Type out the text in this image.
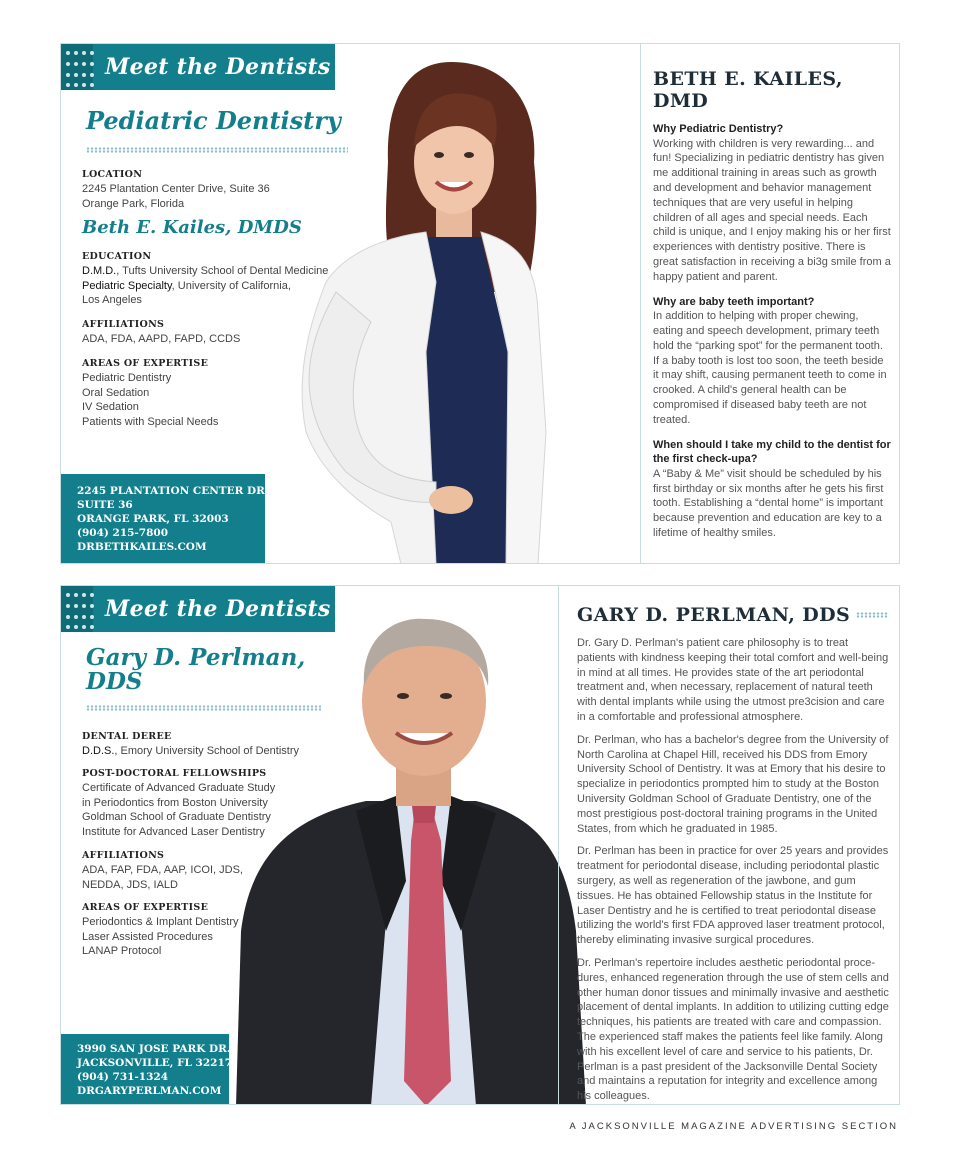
Meet the Dentists
Pediatric Dentistry
LOCATION
2245 Plantation Center Drive, Suite 36
Orange Park, Florida
Beth E. Kailes, DMDS
EDUCATION
D.M.D., Tufts University School of Dental Medicine
Pediatric Specialty, University of California,
Los Angeles
AFFILIATIONS
ADA, FDA, AAPD, FAPD, CCDS
AREAS OF EXPERTISE
Pediatric Dentistry
Oral Sedation
IV Sedation
Patients with Special Needs
2245 PLANTATION CENTER DR.
SUITE 36
ORANGE PARK, FL 32003
(904) 215-7800
DRBETHKAILES.COM
BETH E. KAILES, DMD
Why Pediatric Dentistry?

Working with children is very rewarding... and fun! Specializing in pediatric dentistry has given me additional training in areas such as growth and development and behavior management techniques that are very useful in helping children of all ages and special needs. Each child is unique, and I enjoy making his or her first experiences with dentistry positive. There is great satisfaction in receiving a bi3g smile from a happy patient and parent.

Why are baby teeth important?

In addition to helping with proper chewing, eating and speech development, primary teeth hold the “parking spot” for the permanent tooth. If a baby tooth is lost too soon, the teeth beside it may shift, causing permanent teeth to come in crooked. A child's general health can be compromised if diseased baby teeth are not treated.

When should I take my child to the dentist for the first check-upa?

A “Baby & Me” visit should be scheduled by his first birthday or six months after he gets his first tooth. Establishing a “dental home” is important because prevention and education are key to a lifetime of healthy smiles.

Meet the Dentists
Gary D. Perlman,
DDS
DENTAL DEREE
D.D.S., Emory University School of Dentistry
POST-DOCTORAL FELLOWSHIPS
Certificate of Advanced Graduate Study
in Periodontics from Boston University
Goldman School of Graduate Dentistry
Institute for Advanced Laser Dentistry
AFFILIATIONS
ADA, FAP, FDA, AAP, ICOI, JDS,
NEDDA, JDS, IALD
AREAS OF EXPERTISE
Periodontics & Implant Dentistry
Laser Assisted Procedures
LANAP Protocol
3990 SAN JOSE PARK DR.
JACKSONVILLE, FL 32217
(904) 731-1324
DRGARYPERLMAN.COM
GARY D. PERLMAN, DDS

Dr. Gary D. Perlman's patient care philosophy is to treat patients with kindness keeping their total comfort and well-being in mind at all times. He provides state of the art periodontal treatment and, when necessary, replacement of natural teeth with dental implants while using the utmost pre3cision and care in a comfortable and professional atmosphere.

Dr. Perlman, who has a bachelor's degree from the University of North Carolina at Chapel Hill, received his DDS from Emory University School of Dentistry. It was at Emory that his desire to specialize in periodontics prompted him to study at the Boston University Goldman School of Graduate Dentistry, one of the most prestigious post-doctoral training programs in the United States, from which he graduated in 1985.

Dr. Perlman has been in practice for over 25 years and provides treatment for periodontal disease, including periodontal plastic surgery, as well as regeneration of the jawbone, and gum tissues. He has obtained Fellowship status in the Institute for Laser Dentistry and he is certified to treat periodontal disease utilizing the world's first FDA approved laser treatment protocol, thereby eliminating invasive surgical procedures.

Dr. Perlman's repertoire includes aesthetic periodontal proce- dures, enhanced regeneration through the use of stem cells and other human donor tissues and minimally invasive and aesthetic placement of dental implants. In addition to utilizing cutting edge techniques, his patients are treated with care and compassion. The experienced staff makes the patients feel like family. Along with his excellent level of care and service to his patients, Dr. Perlman is a past president of the Jacksonville Dental Society and maintains a reputation for integrity and excellence among his colleagues.

A JACKSONVILLE MAGAZINE ADVERTISING SECTION
